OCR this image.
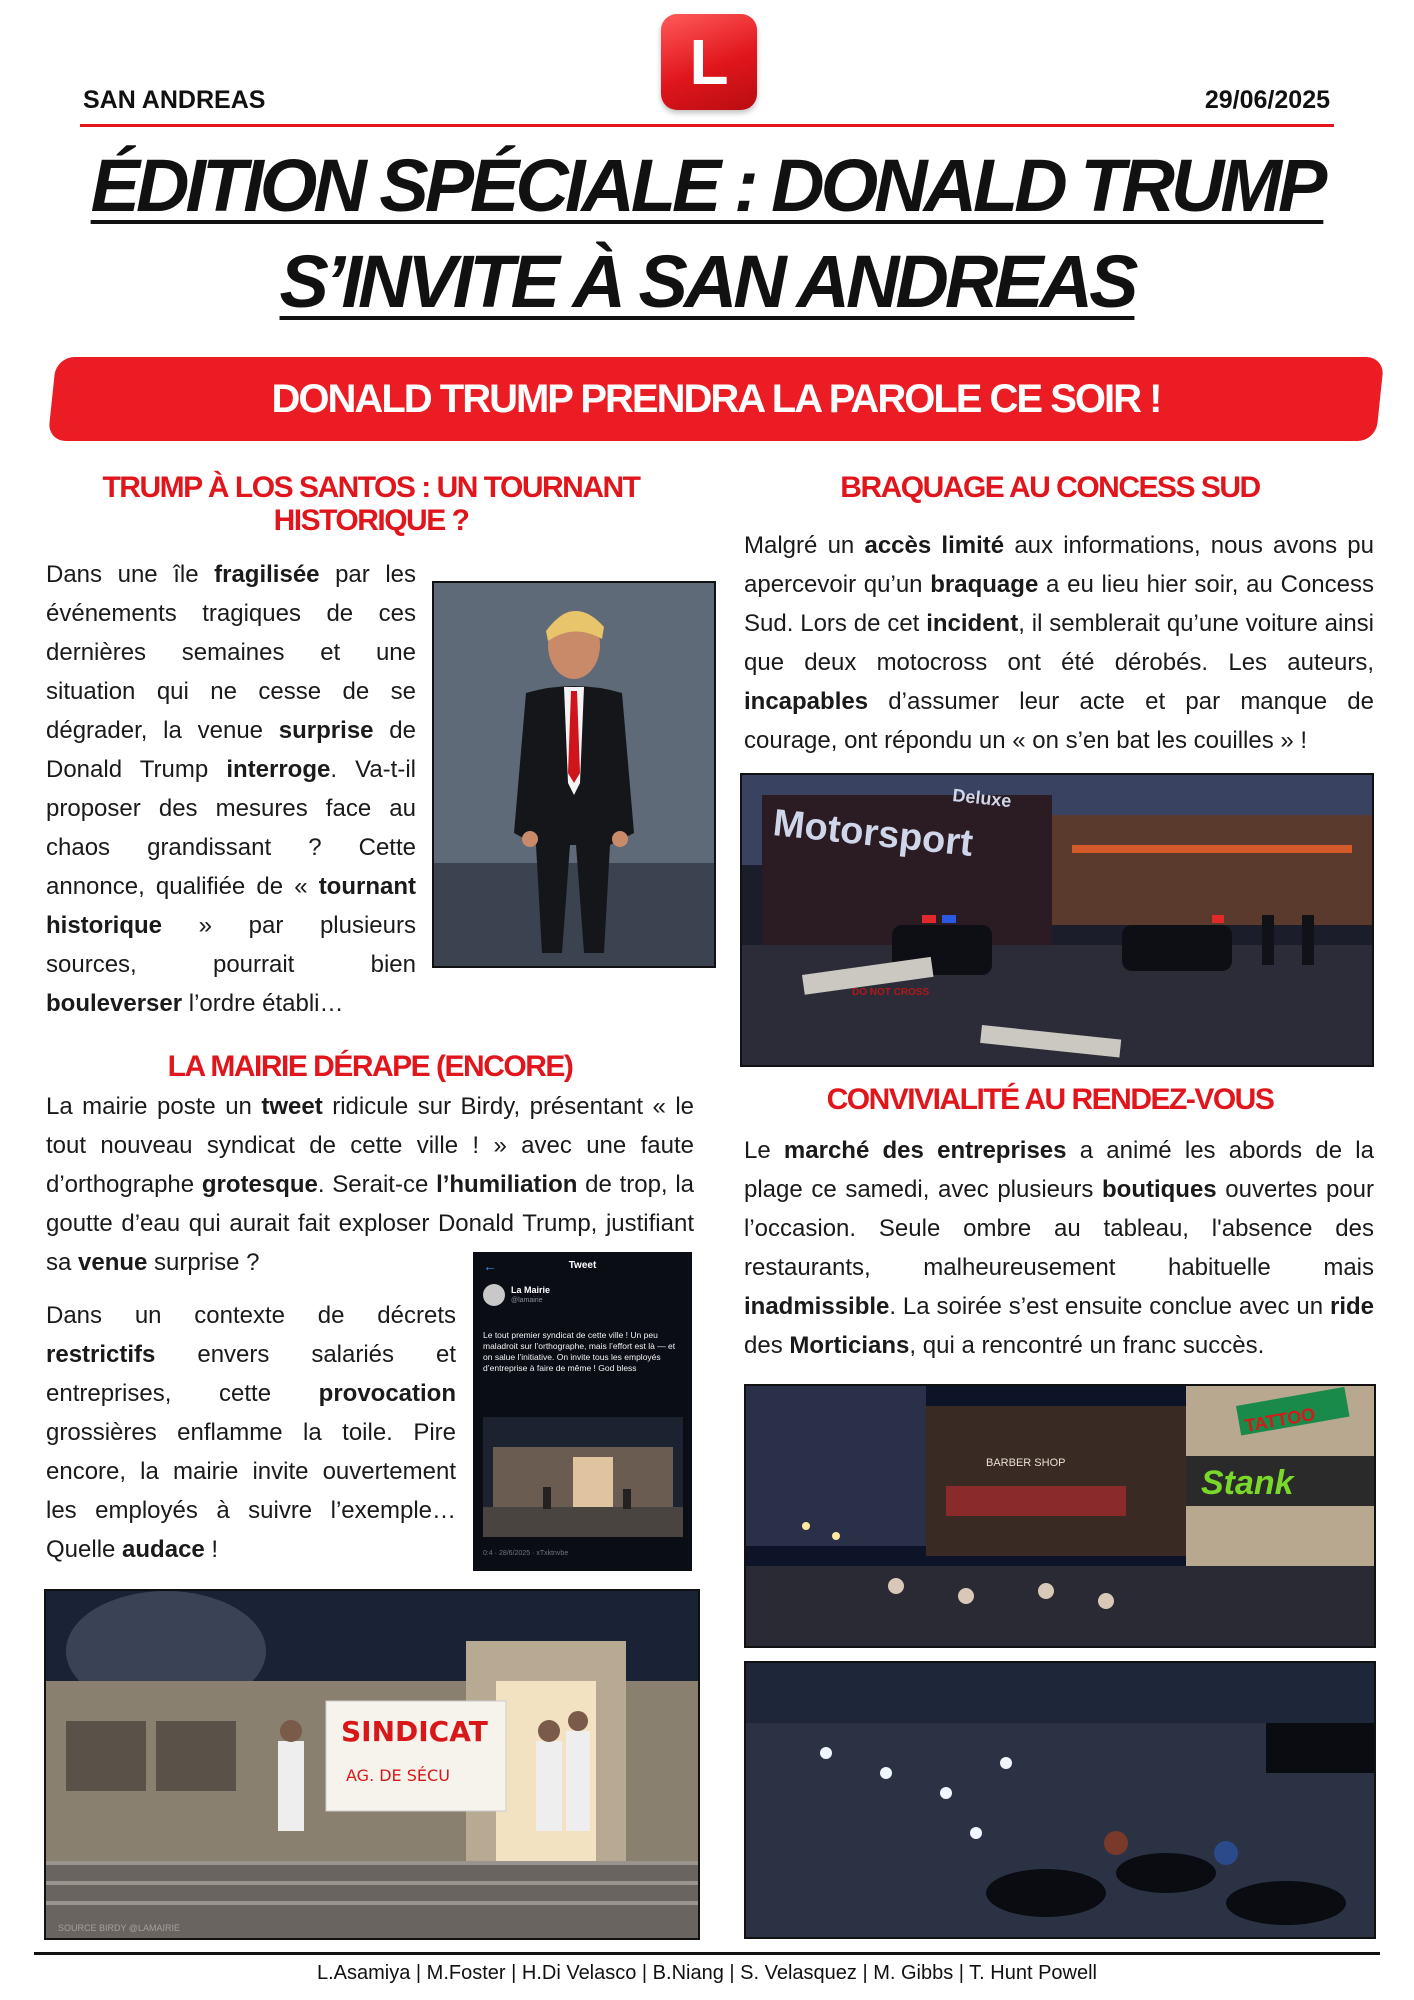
L
SAN ANDREAS	29/06/2025
ÉDITION SPÉCIALE : DONALD TRUMP
S’INVITE À SAN ANDREAS
DONALD TRUMP PRENDRA LA PAROLE CE SOIR !
TRUMP À LOS SANTOS : UN TOURNANT HISTORIQUE ?
Dans une île fragilisée par les événements tragiques de ces dernières semaines et une situation qui ne cesse de se dégrader, la venue surprise de Donald Trump interroge. Va-t-il proposer des mesures face au chaos grandissant ? Cette annonce, qualifiée de « tournant historique » par plusieurs sources, pourrait bien bouleverser l’ordre établi…
BRAQUAGE AU CONCESS SUD
Malgré un accès limité aux informations, nous avons pu apercevoir qu’un braquage a eu lieu hier soir, au Concess Sud. Lors de cet incident, il semblerait qu’une voiture ainsi que deux motocross ont été dérobés. Les auteurs, incapables d’assumer leur acte et par manque de courage, ont répondu un « on s’en bat les couilles » !
Motorsport
Deluxe
DO NOT CROSS
LA MAIRIE DÉRAPE (ENCORE)
La mairie poste un tweet ridicule sur Birdy, présentant « le tout nouveau syndicat de cette ville ! » avec une faute d’orthographe grotesque. Serait-ce l’humiliation de trop, la goutte d’eau qui aurait fait exploser Donald Trump, justifiant sa venue surprise ?
Dans un contexte de décrets restrictifs envers salariés et entreprises, cette provocation grossières enflamme la toile. Pire encore, la mairie invite ouvertement les employés à suivre l’exemple… Quelle audace !
←	Tweet
La Mairie
@lamairie
Le tout premier syndicat de cette ville ! Un peu maladroit sur l’orthographe, mais l’effort est là — et on salue l’initiative. On invite tous les employés d’entreprise à faire de même ! God bless
0:4 · 28/6/2025 · xTxktnvbe
SINDICAT
AG. DE SÉCU
SOURCE BIRDY @LAMAIRIE
CONVIVIALITÉ AU RENDEZ-VOUS
Le marché des entreprises a animé les abords de la plage ce samedi, avec plusieurs boutiques ouvertes pour l’occasion. Seule ombre au tableau, l'absence des restaurants, malheureusement habituelle mais inadmissible. La soirée s’est ensuite conclue avec un ride des Morticians, qui a rencontré un franc succès.
Stank
TATTOO
BARBER SHOP
L.Asamiya | M.Foster | H.Di Velasco | B.Niang | S. Velasquez | M. Gibbs | T. Hunt Powell
